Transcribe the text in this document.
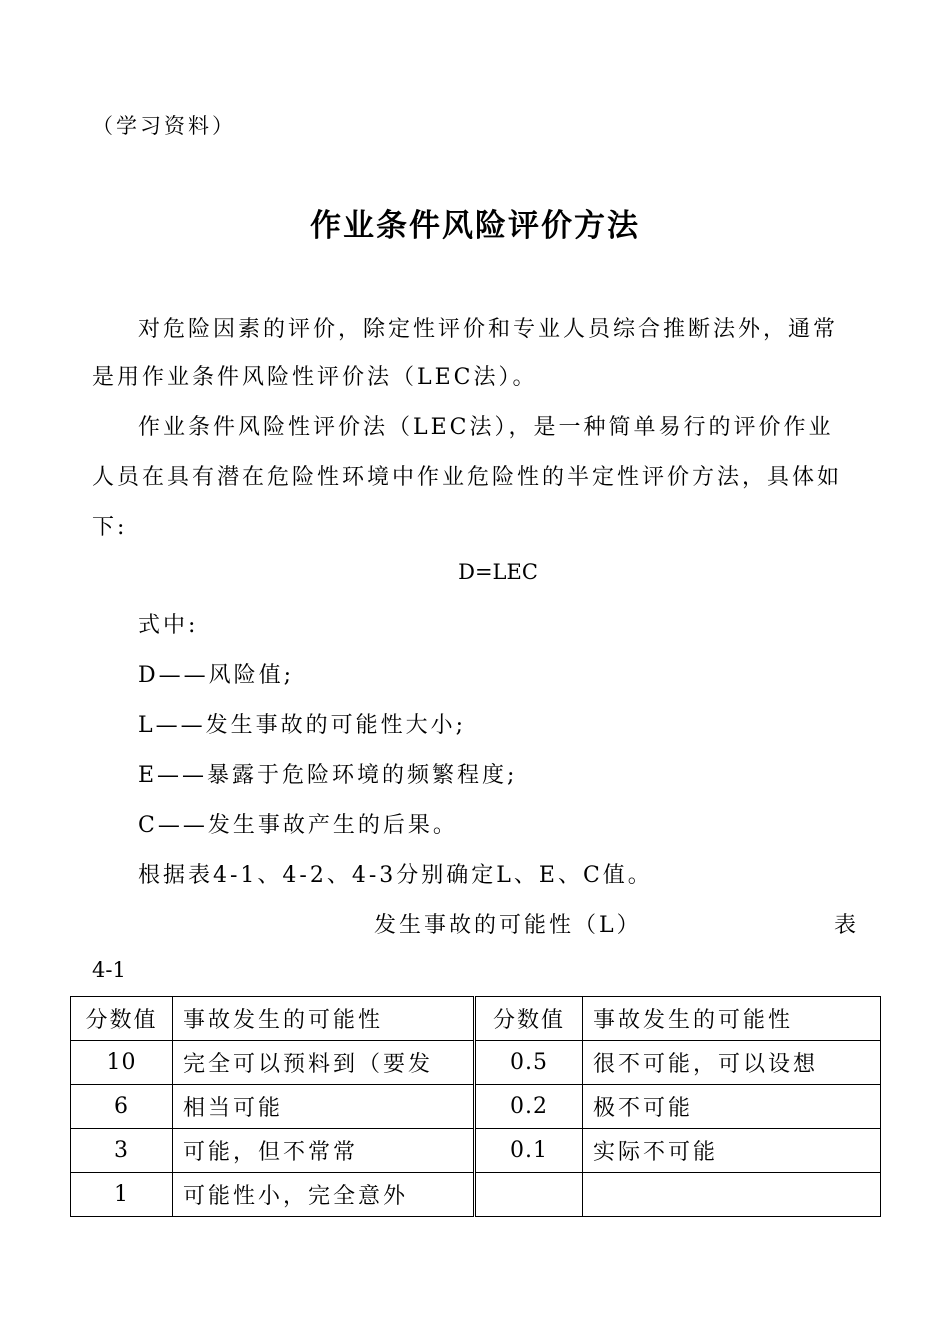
（学习资料）
作业条件风险评价方法
对危险因素的评价，除定性评价和专业人员综合推断法外，通常
是用作业条件风险性评价法（LEC法）。
作业条件风险性评价法（LEC法），是一种简单易行的评价作业
人员在具有潜在危险性环境中作业危险性的半定性评价方法，具体如
下:
D=LEC
式中:
D——风险值;
L——发生事故的可能性大小;
E——暴露于危险环境的频繁程度;
C——发生事故产生的后果。
根据表4-1、4-2、4-3分别确定L、E、C值。
发生事故的可能性（L）	表
4-1
分数值	事故发生的可能性	分数值	事故发生的可能性
10	完全可以预料到（要发	0.5	很不可能，可以设想
6	相当可能	0.2	极不可能
3	可能，但不常常	0.1	实际不可能
1	可能性小，完全意外		
